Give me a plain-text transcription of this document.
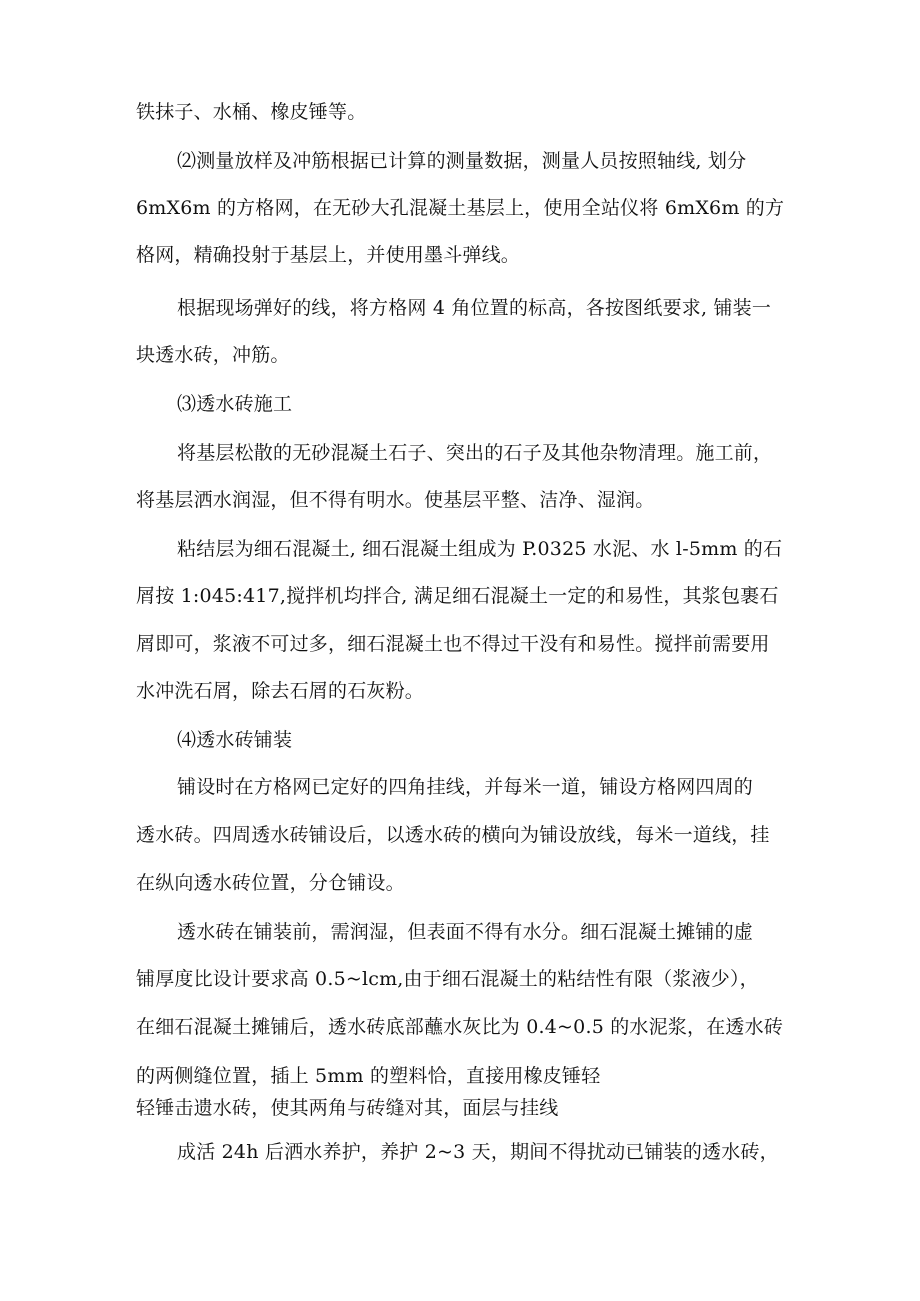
铁抹子、水桶、橡皮锤等。
⑵测量放样及冲筋根据已计算的测量数据，测量人员按照轴线, 划分
6mX6m 的方格网，在无砂大孔混凝土基层上，使用全站仪将 6mX6m 的方
格网，精确投射于基层上，并使用墨斗弹线。
根据现场弹好的线，将方格网 4 角位置的标高，各按图纸要求, 铺装一
块透水砖，冲筋。
⑶透水砖施工
将基层松散的无砂混凝土石子、突出的石子及其他杂物清理。施工前，
将基层洒水润湿，但不得有明水。使基层平整、洁净、湿润。
粘结层为细石混凝土, 细石混凝土组成为 P.0325 水泥、水 l-5mm 的石
屑按 1:045:417,搅拌机均拌合, 满足细石混凝土一定的和易性，其浆包裹石
屑即可，浆液不可过多，细石混凝土也不得过干没有和易性。搅拌前需要用
水冲洗石屑，除去石屑的石灰粉。
⑷透水砖铺装
铺设时在方格网已定好的四角挂线，并每米一道，铺设方格网四周的
透水砖。四周透水砖铺设后，以透水砖的横向为铺设放线，每米一道线，挂
在纵向透水砖位置，分仓铺设。
透水砖在铺装前，需润湿，但表面不得有水分。细石混凝土摊铺的虚
铺厚度比设计要求高 0.5~lcm,由于细石混凝土的粘结性有限（浆液少），
在细石混凝土摊铺后，透水砖底部蘸水灰比为 0.4~0.5 的水泥浆，在透水砖
的两侧缝位置，插上 5mm 的塑料恰，直接用橡皮锤轻
轻锤击遗水砖，使其两角与砖缝对其，面层与挂线
成活 24h 后洒水养护，养护 2~3 天，期间不得扰动已铺装的透水砖，
